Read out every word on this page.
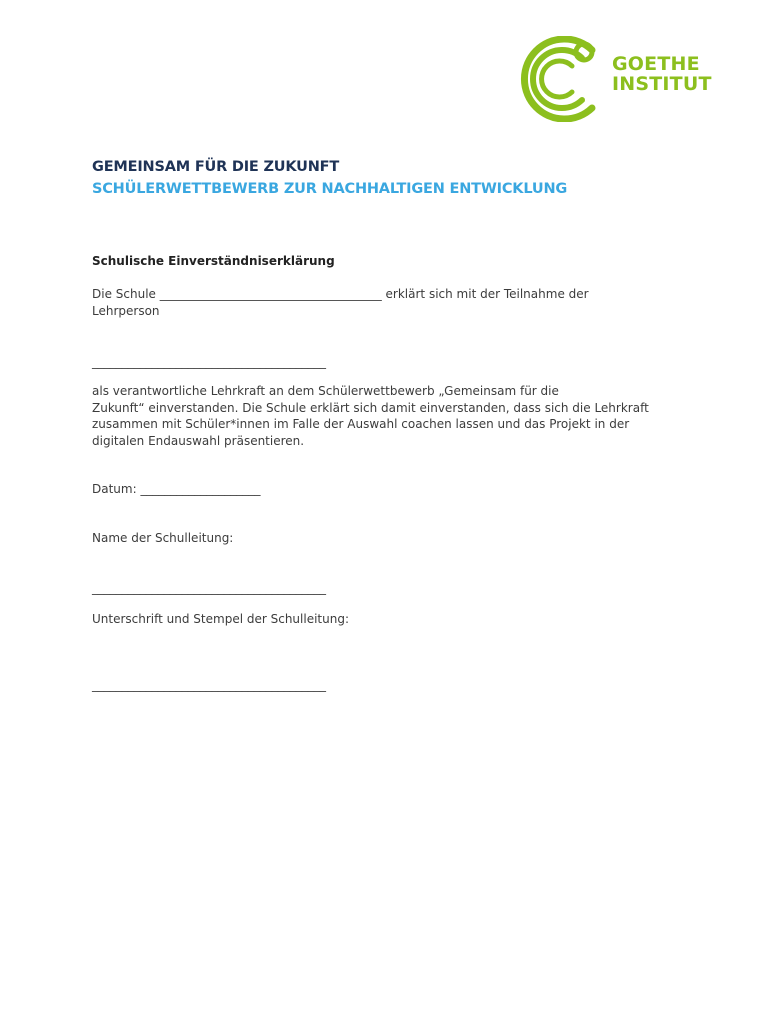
GOETHE
INSTITUT
GEMEINSAM FÜR DIE ZUKUNFT
SCHÜLERWETTBEWERB ZUR NACHHALTIGEN ENTWICKLUNG
Schulische Einverständniserklärung
Die Schule _____________________________________ erklärt sich mit der Teilnahme der
Lehrperson
_______________________________________
als verantwortliche Lehrkraft an dem Schülerwettbewerb „Gemeinsam für die
Zukunft“ einverstanden. Die Schule erklärt sich damit einverstanden, dass sich die Lehrkraft
zusammen mit Schüler*innen im Falle der Auswahl coachen lassen und das Projekt in der
digitalen Endauswahl präsentieren.
Datum: ____________________
Name der Schulleitung:
_______________________________________
Unterschrift und Stempel der Schulleitung:
_______________________________________
